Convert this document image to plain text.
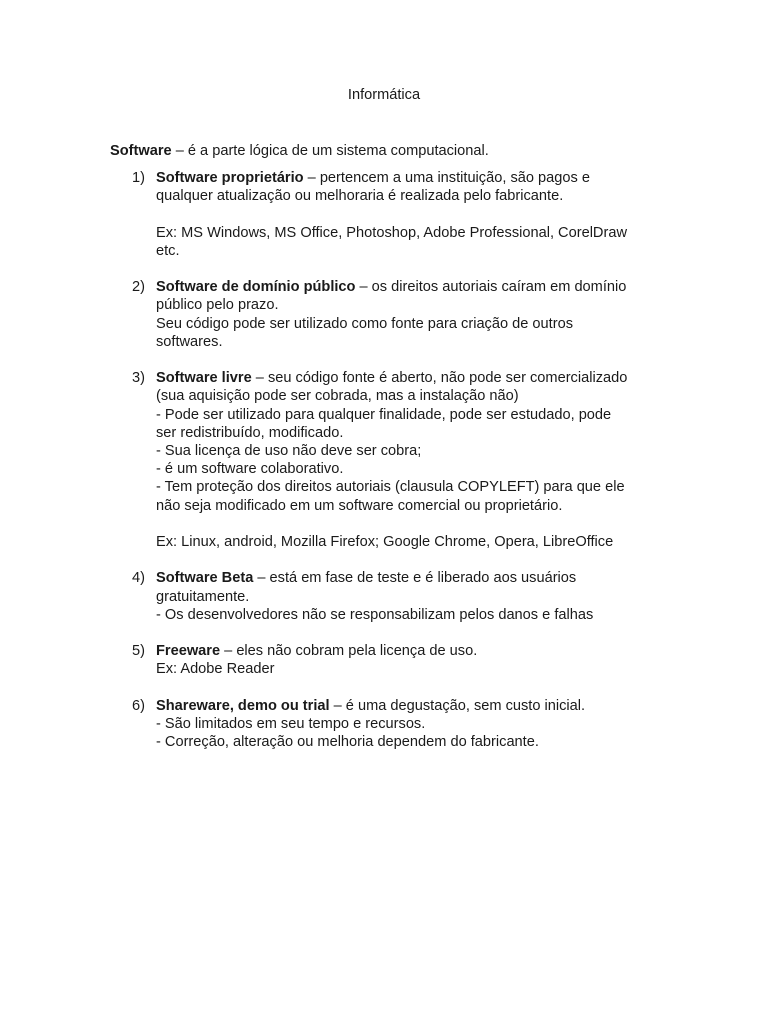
Informática
Software – é a parte lógica de um sistema computacional.
1) Software proprietário – pertencem a uma instituição, são pagos e
qualquer atualização ou melhoraria é realizada pelo fabricante.
Ex: MS Windows, MS Office, Photoshop, Adobe Professional, CorelDraw
etc.
2) Software de domínio público – os direitos autoriais caíram em domínio
público pelo prazo.
Seu código pode ser utilizado como fonte para criação de outros
softwares.
3) Software livre – seu código fonte é aberto, não pode ser comercializado
(sua aquisição pode ser cobrada, mas a instalação não)
- Pode ser utilizado para qualquer finalidade, pode ser estudado, pode
ser redistribuído, modificado.
- Sua licença de uso não deve ser cobra;
- é um software colaborativo.
- Tem proteção dos direitos autoriais (clausula COPYLEFT) para que ele
não seja modificado em um software comercial ou proprietário.
Ex: Linux, android, Mozilla Firefox; Google Chrome, Opera, LibreOffice
4) Software Beta – está em fase de teste e é liberado aos usuários
gratuitamente.
- Os desenvolvedores não se responsabilizam pelos danos e falhas
5) Freeware – eles não cobram pela licença de uso.
Ex: Adobe Reader
6) Shareware, demo ou trial – é uma degustação, sem custo inicial.
- São limitados em seu tempo e recursos.
- Correção, alteração ou melhoria dependem do fabricante.
